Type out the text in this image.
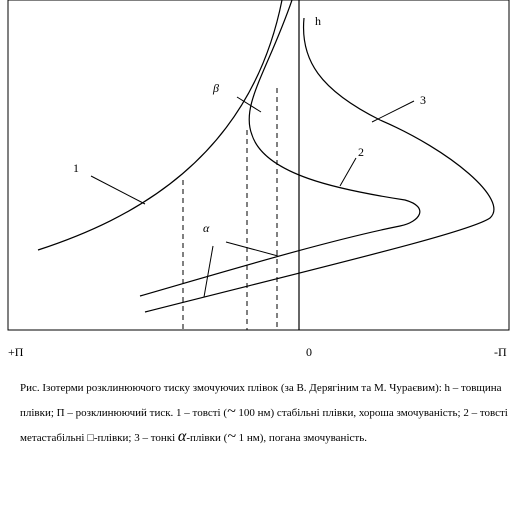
1
2
3
β
α
h
+П	0	-П
Рис. Ізотерми розклинюючого тиску змочуючих плівок (за В. Дерягіним та М. Чураєвим): h – товщина плівки; П – розклинюючий тиск. 1 – товсті (~ 100 нм) стабільні плівки, хороша змочуваність; 2 – товсті метастабільні □-плівки; 3 – тонкі α-плівки (~ 1 нм), погана змочуваність.
